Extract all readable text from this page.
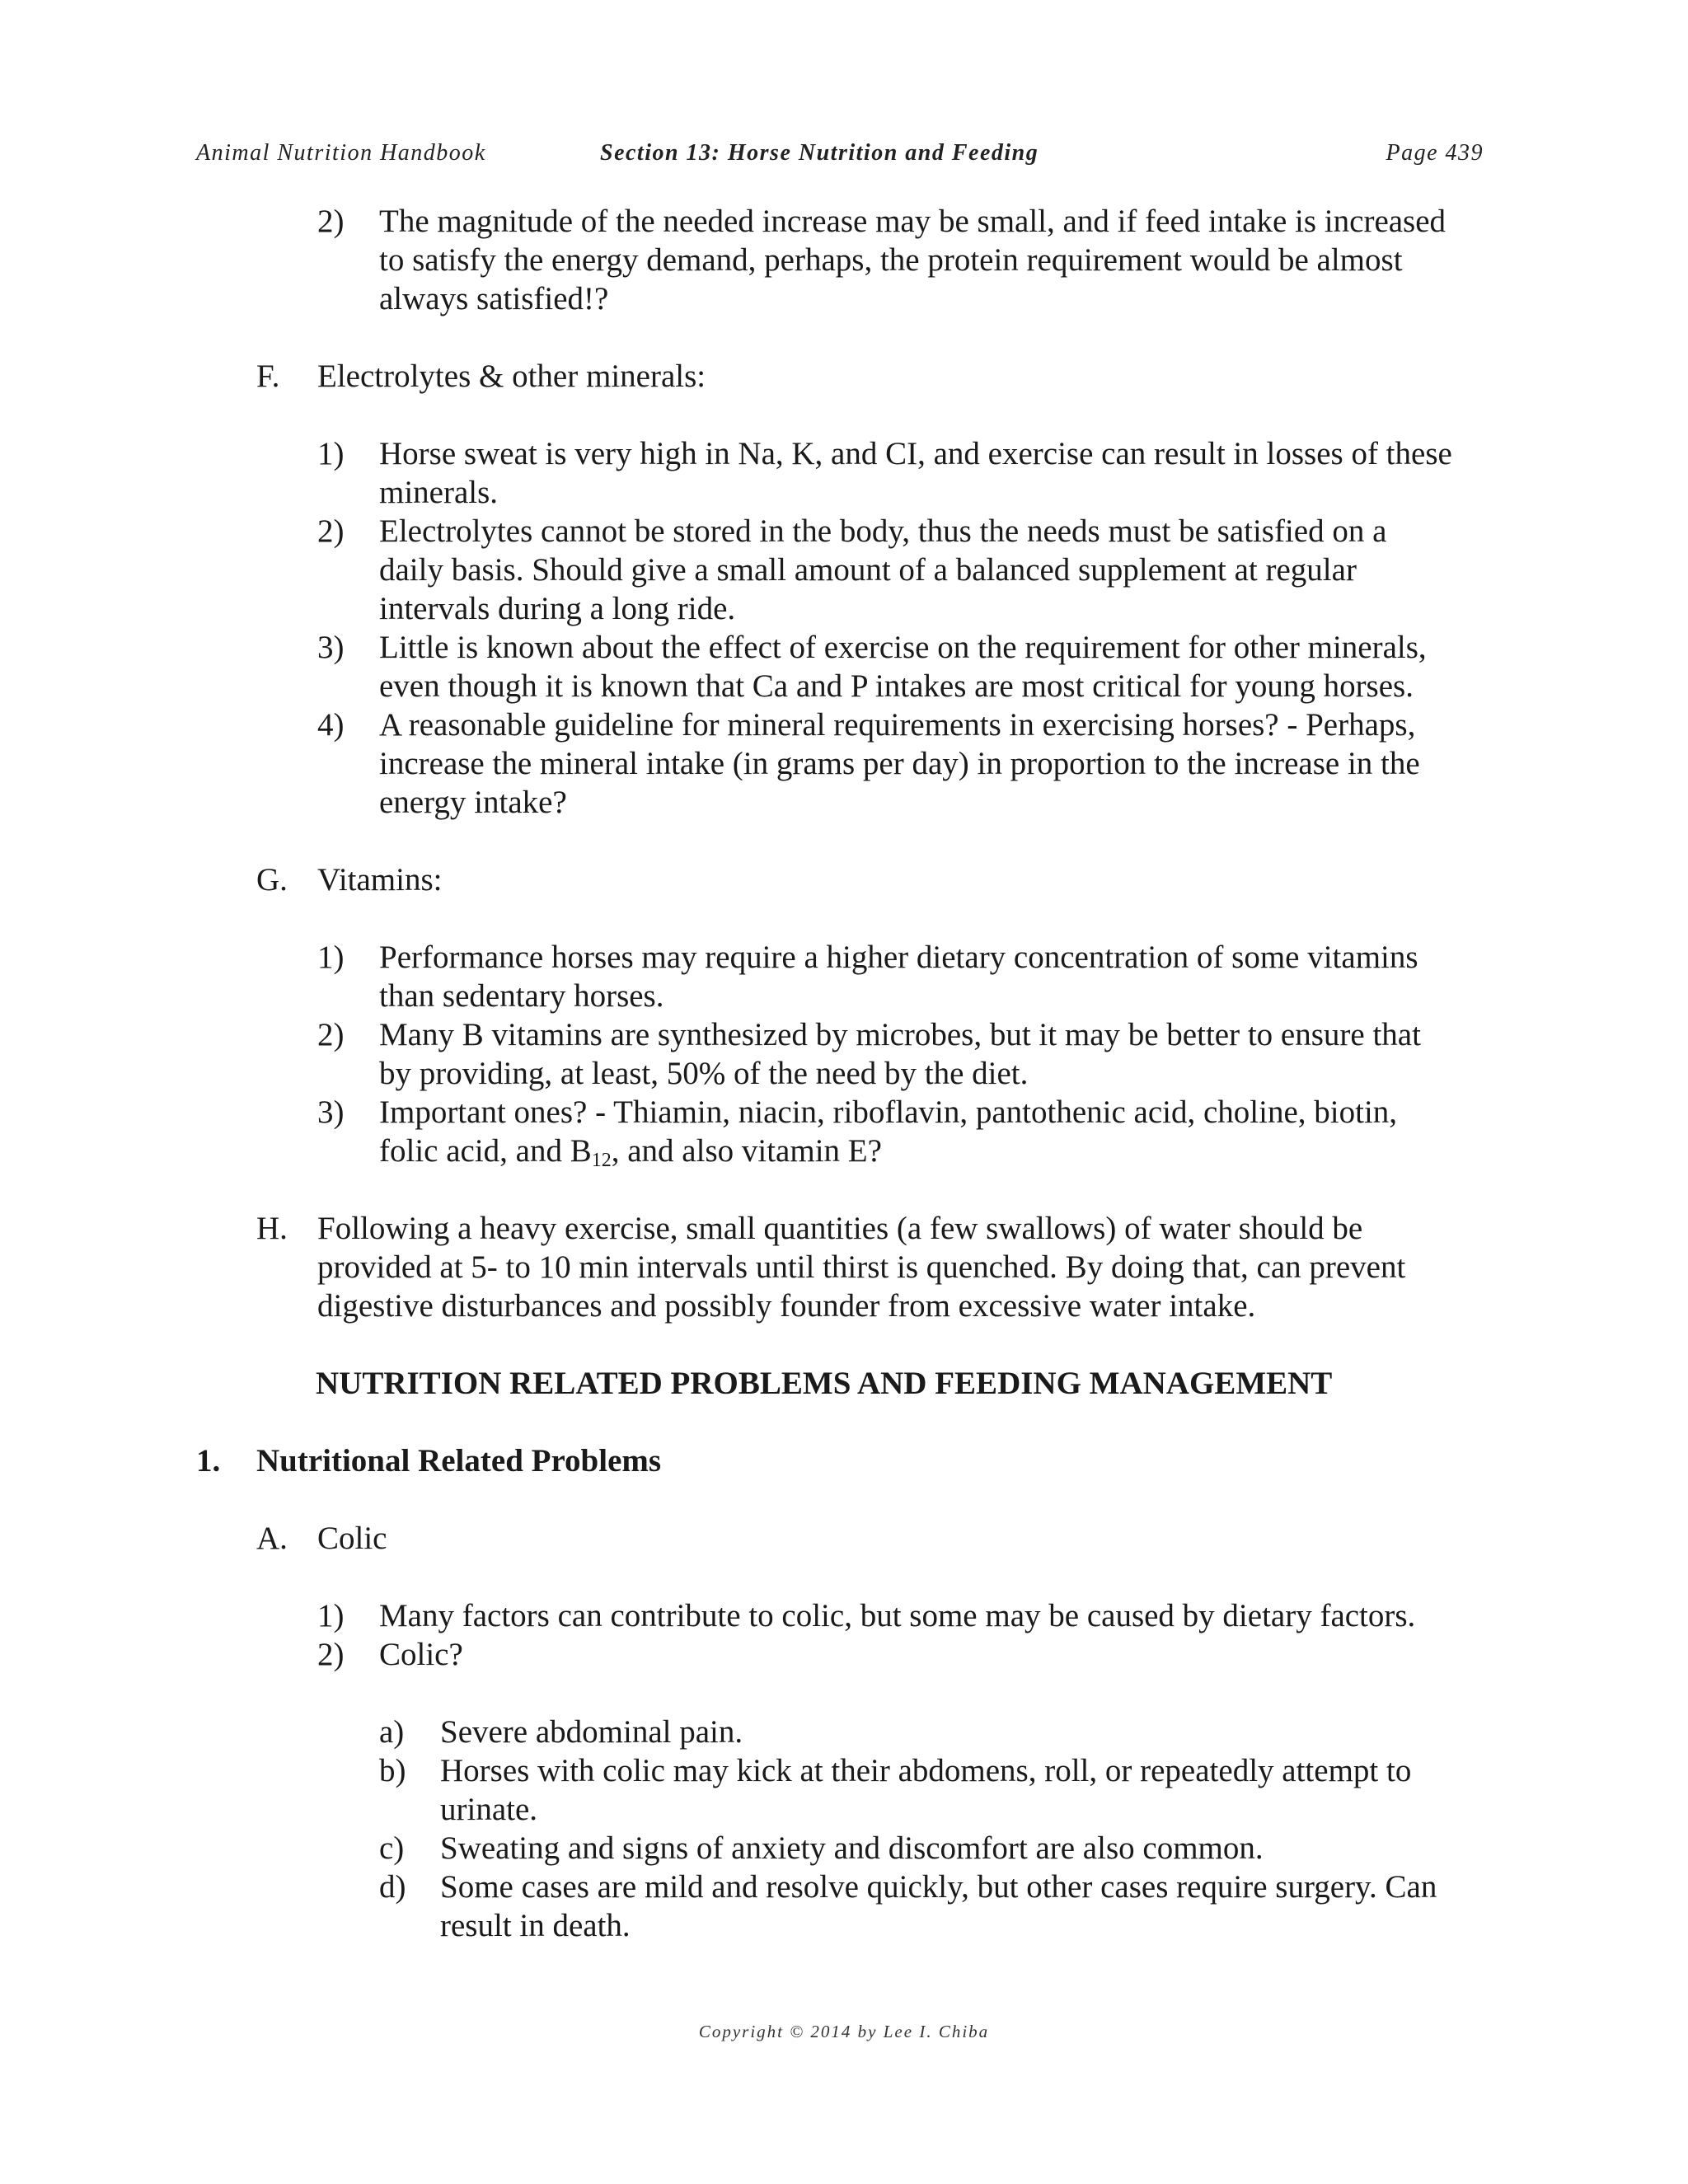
Animal Nutrition Handbook	Section 13: Horse Nutrition and Feeding	Page 439
2) The magnitude of the needed increase may be small, and if feed intake is increased
to satisfy the energy demand, perhaps, the protein requirement would be almost
always satisfied!?
F. Electrolytes & other minerals:
1) Horse sweat is very high in Na, K, and CI, and exercise can result in losses of these
minerals.
2) Electrolytes cannot be stored in the body, thus the needs must be satisfied on a
daily basis. Should give a small amount of a balanced supplement at regular
intervals during a long ride.
3) Little is known about the effect of exercise on the requirement for other minerals,
even though it is known that Ca and P intakes are most critical for young horses.
4) A reasonable guideline for mineral requirements in exercising horses? - Perhaps,
increase the mineral intake (in grams per day) in proportion to the increase in the
energy intake?
G. Vitamins:
1) Performance horses may require a higher dietary concentration of some vitamins
than sedentary horses.
2) Many B vitamins are synthesized by microbes, but it may be better to ensure that
by providing, at least, 50% of the need by the diet.
3) Important ones? - Thiamin, niacin, riboflavin, pantothenic acid, choline, biotin,
folic acid, and $B_{12}$, and also vitamin E?
H. Following a heavy exercise, small quantities (a few swallows) of water should be
provided at 5- to 10 min intervals until thirst is quenched. By doing that, can prevent
digestive disturbances and possibly founder from excessive water intake.
NUTRITION RELATED PROBLEMS AND FEEDING MANAGEMENT
1. Nutritional Related Problems
A. Colic
1) Many factors can contribute to colic, but some may be caused by dietary factors.
2) Colic?
a) Severe abdominal pain.
b) Horses with colic may kick at their abdomens, roll, or repeatedly attempt to
urinate.
c) Sweating and signs of anxiety and discomfort are also common.
d) Some cases are mild and resolve quickly, but other cases require surgery. Can
result in death.
Copyright © 2014 by Lee I. Chiba
